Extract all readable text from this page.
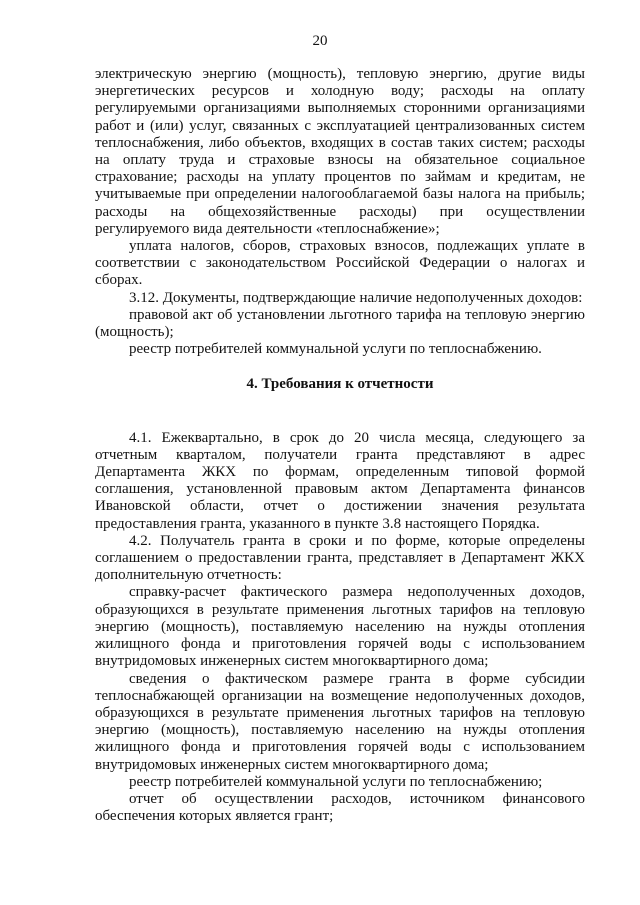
20
электрическую энергию (мощность), тепловую энергию, другие виды энергетических ресурсов и холодную воду; расходы на оплату регулируемыми организациями выполняемых сторонними организациями работ и (или) услуг, связанных с эксплуатацией централизованных систем теплоснабжения, либо объектов, входящих в состав таких систем; расходы на оплату труда и страховые взносы на обязательное социальное страхование; расходы на уплату процентов по займам и кредитам, не учитываемые при определении налогооблагаемой базы налога на прибыль; расходы на общехозяйственные расходы) при осуществлении регулируемого вида деятельности «теплоснабжение»;
уплата налогов, сборов, страховых взносов, подлежащих уплате в соответствии с законодательством Российской Федерации о налогах и сборах.
3.12. Документы, подтверждающие наличие недополученных доходов:
правовой акт об установлении льготного тарифа на тепловую энергию (мощность);
реестр потребителей коммунальной услуги по теплоснабжению.
4. Требования к отчетности
4.1. Ежеквартально, в срок до 20 числа месяца, следующего за отчетным кварталом, получатели гранта представляют в адрес Департамента ЖКХ по формам, определенным типовой формой соглашения, установленной правовым актом Департамента финансов Ивановской области, отчет о достижении значения результата предоставления гранта, указанного в пункте 3.8 настоящего Порядка.
4.2. Получатель гранта в сроки и по форме, которые определены соглашением о предоставлении гранта, представляет в Департамент ЖКХ дополнительную отчетность:
справку-расчет фактического размера недополученных доходов, образующихся в результате применения льготных тарифов на тепловую энергию (мощность), поставляемую населению на нужды отопления жилищного фонда и приготовления горячей воды с использованием внутридомовых инженерных систем многоквартирного дома;
сведения о фактическом размере гранта в форме субсидии теплоснабжающей организации на возмещение недополученных доходов, образующихся в результате применения льготных тарифов на тепловую энергию (мощность), поставляемую населению на нужды отопления жилищного фонда и приготовления горячей воды с использованием внутридомовых инженерных систем многоквартирного дома;
реестр потребителей коммунальной услуги по теплоснабжению;
отчет об осуществлении расходов, источником финансового обеспечения которых является грант;
